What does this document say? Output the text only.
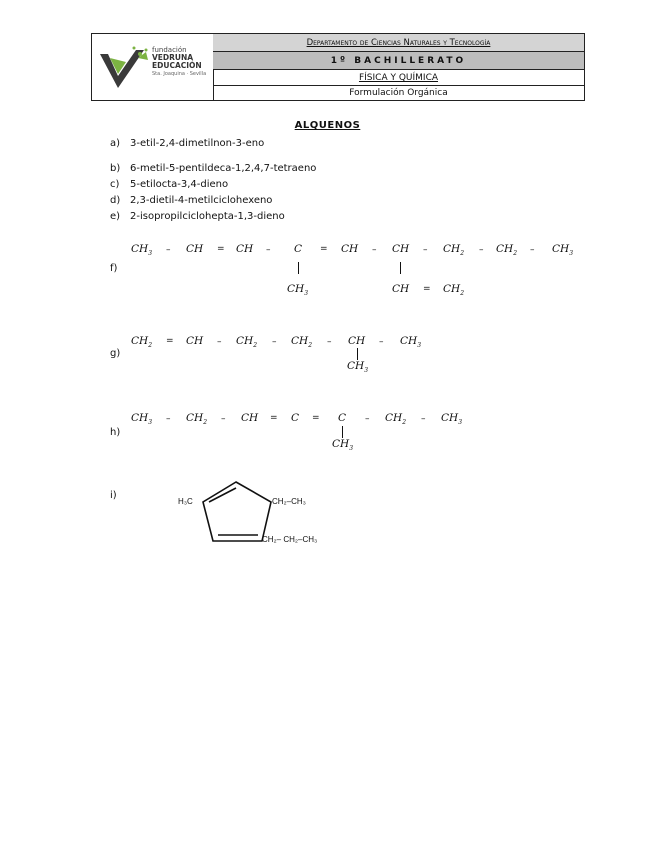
fundación
VEDRUNA
EDUCACIÓN
Sta. Joaquina · Sevilla
Departamento de Ciencias Naturales y Tecnología
1º BACHILLERATO
FÍSICA Y QUÍMICA
Formulación Orgánica
ALQUENOS
a) 3-etil-2,4-dimetilnon-3-eno
b) 6-metil-5-pentildeca-1,2,4,7-tetraeno
c) 5-etilocta-3,4-dieno
d) 2,3-dietil-4-metilciclohexeno
e) 2-isopropilciclohepta-1,3-dieno
f)
$CH_3$ – CH = CH – C = CH – CH – $CH_2 - CH_2 - CH_3$
$CH_3$	CH = $CH_2$
g)
$CH_2$ = CH – $CH_2 - CH_2$ – CH – $CH_3$
$CH_3$
h)
$CH_3 - CH_2$ – CH = $C = C - CH_2 - CH_3$
$CH_3$
i)
H₃C	CH₂–CH₃
CH₂– CH₂–CH₃
